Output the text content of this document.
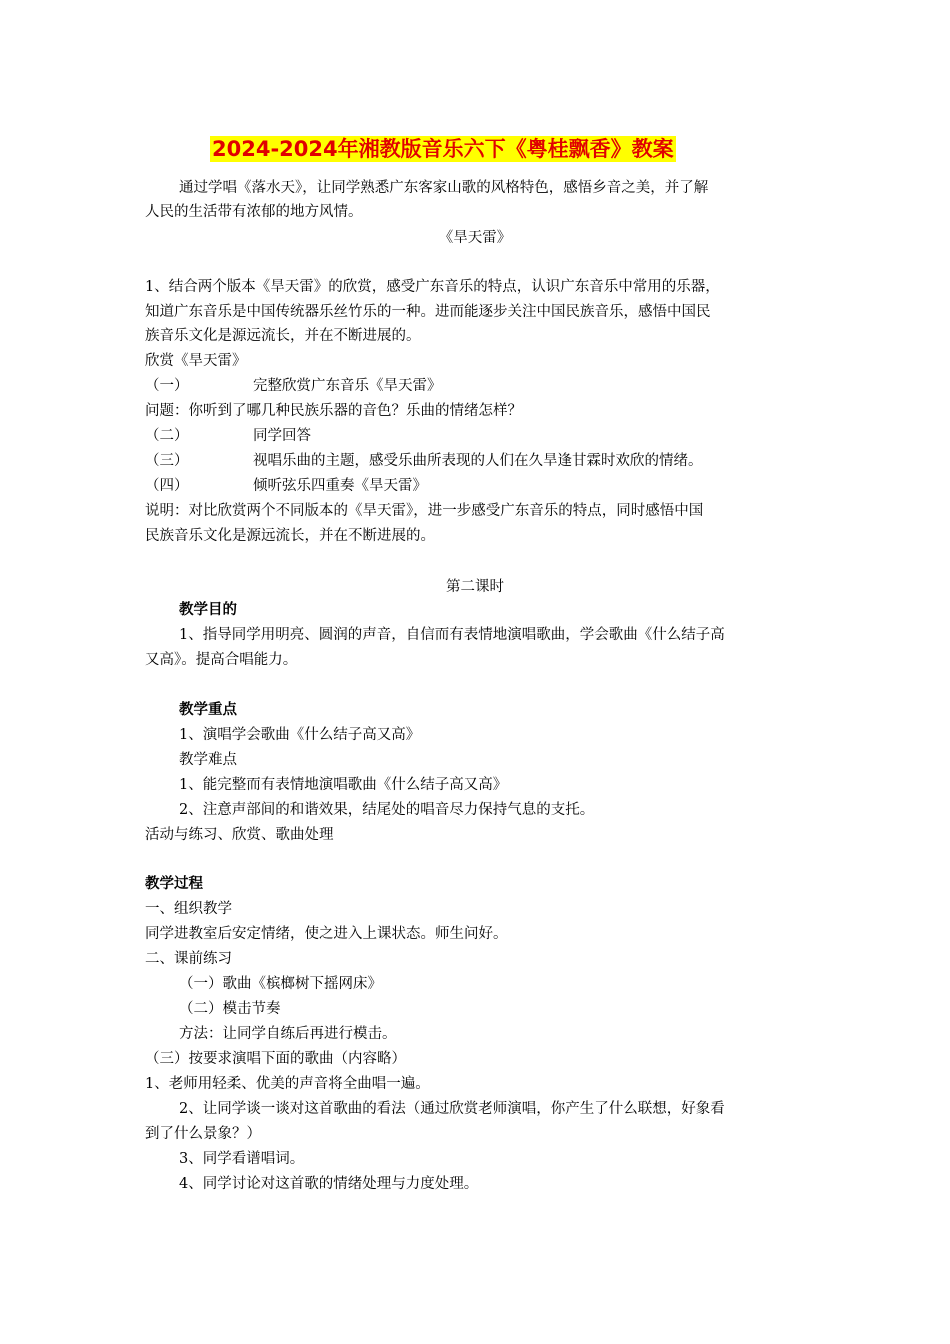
2024-2024年湘教版音乐六下《粤桂飘香》教案
通过学唱《落水天》，让同学熟悉广东客家山歌的风格特色，感悟乡音之美，并了解
人民的生活带有浓郁的地方风情。
《旱天雷》
1、结合两个版本《旱天雷》的欣赏，感受广东音乐的特点，认识广东音乐中常用的乐器，
知道广东音乐是中国传统器乐丝竹乐的一种。进而能逐步关注中国民族音乐，感悟中国民
族音乐文化是源远流长，并在不断进展的。
欣赏《旱天雷》
（一）	完整欣赏广东音乐《旱天雷》
问题：你听到了哪几种民族乐器的音色？乐曲的情绪怎样？
（二）	同学回答
（三）	视唱乐曲的主题，感受乐曲所表现的人们在久旱逢甘霖时欢欣的情绪。
（四）	倾听弦乐四重奏《旱天雷》
说明：对比欣赏两个不同版本的《旱天雷》，进一步感受广东音乐的特点，同时感悟中国
民族音乐文化是源远流长，并在不断进展的。
第二课时
教学目的
1、指导同学用明亮、圆润的声音，自信而有表情地演唱歌曲，学会歌曲《什么结子高
又高》。提高合唱能力。
教学重点
1、演唱学会歌曲《什么结子高又高》
教学难点
1、能完整而有表情地演唱歌曲《什么结子高又高》
2、注意声部间的和谐效果，结尾处的唱音尽力保持气息的支托。
活动与练习、欣赏、歌曲处理
教学过程
一、组织教学
同学进教室后安定情绪，使之进入上课状态。师生问好。
二、课前练习
（一）歌曲《槟榔树下摇网床》
（二）模击节奏
方法：让同学自练后再进行模击。
（三）按要求演唱下面的歌曲（内容略）
1、老师用轻柔、优美的声音将全曲唱一遍。
2、让同学谈一谈对这首歌曲的看法（通过欣赏老师演唱，你产生了什么联想，好象看
到了什么景象？）
3、同学看谱唱词。
4、同学讨论对这首歌的情绪处理与力度处理。
